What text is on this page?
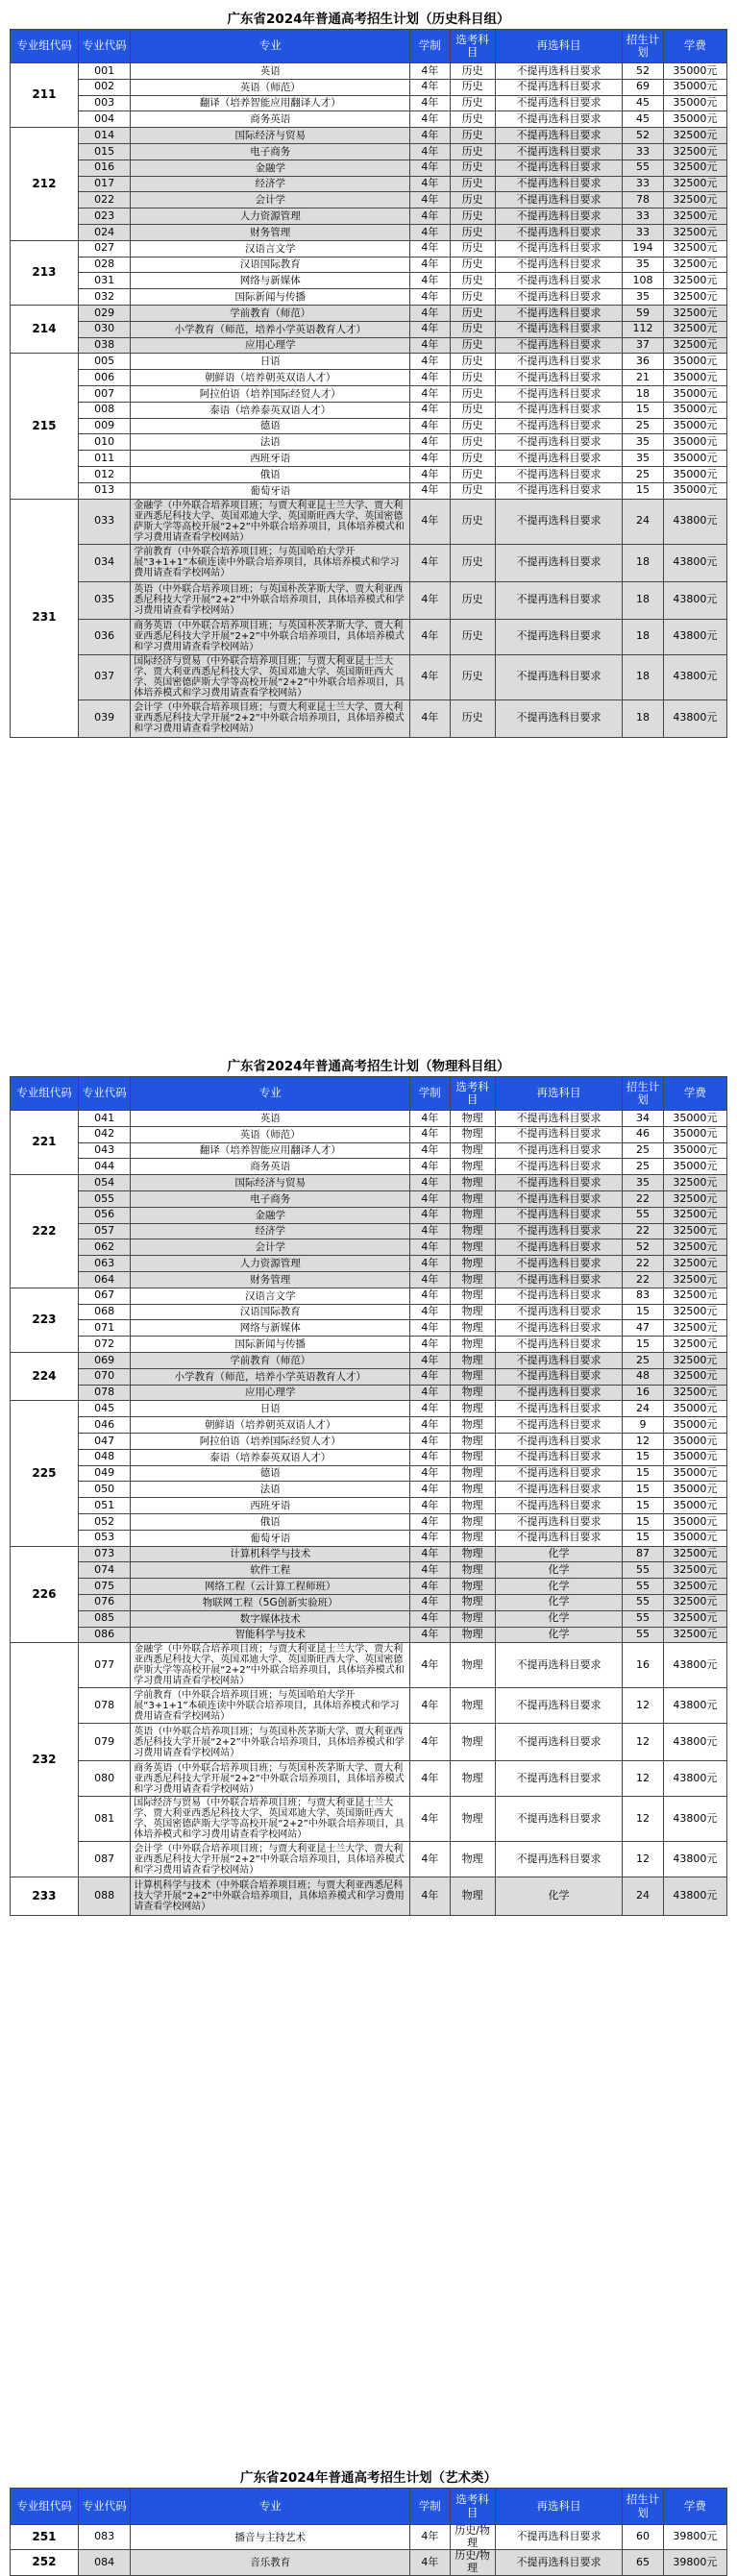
广东省2024年普通高考招生计划（历史科目组）
专业组代码	专业代码	专业	学制	选考科目	再选科目	招生计划	学费
211	001	英语	4年	历史	不提再选科目要求	52	35000元
	002	英语（师范）	4年	历史	不提再选科目要求	69	35000元
	003	翻译（培养智能应用翻译人才）	4年	历史	不提再选科目要求	45	35000元
	004	商务英语	4年	历史	不提再选科目要求	45	35000元
212	014	国际经济与贸易	4年	历史	不提再选科目要求	52	32500元
	015	电子商务	4年	历史	不提再选科目要求	33	32500元
	016	金融学	4年	历史	不提再选科目要求	55	32500元
	017	经济学	4年	历史	不提再选科目要求	33	32500元
	022	会计学	4年	历史	不提再选科目要求	78	32500元
	023	人力资源管理	4年	历史	不提再选科目要求	33	32500元
	024	财务管理	4年	历史	不提再选科目要求	33	32500元
213	027	汉语言文学	4年	历史	不提再选科目要求	194	32500元
	028	汉语国际教育	4年	历史	不提再选科目要求	35	32500元
	031	网络与新媒体	4年	历史	不提再选科目要求	108	32500元
	032	国际新闻与传播	4年	历史	不提再选科目要求	35	32500元
214	029	学前教育（师范）	4年	历史	不提再选科目要求	59	32500元
	030	小学教育（师范，培养小学英语教育人才）	4年	历史	不提再选科目要求	112	32500元
	038	应用心理学	4年	历史	不提再选科目要求	37	32500元
215	005	日语	4年	历史	不提再选科目要求	36	35000元
	006	朝鲜语（培养朝英双语人才）	4年	历史	不提再选科目要求	21	35000元
	007	阿拉伯语（培养国际经贸人才）	4年	历史	不提再选科目要求	18	35000元
	008	泰语（培养泰英双语人才）	4年	历史	不提再选科目要求	15	35000元
	009	德语	4年	历史	不提再选科目要求	25	35000元
	010	法语	4年	历史	不提再选科目要求	35	35000元
	011	西班牙语	4年	历史	不提再选科目要求	35	35000元
	012	俄语	4年	历史	不提再选科目要求	25	35000元
	013	葡萄牙语	4年	历史	不提再选科目要求	15	35000元
231	033	金融学（中外联合培养项目班；与贾大利亚昆士兰大学、贾大利亚西悉尼科技大学、英国邓迪大学、英国斯旺西大学、英国密德萨斯大学等高校开展“2+2”中外联合培养项目，具体培养模式和学习费用请查看学校网站）	4年	历史	不提再选科目要求	24	43800元
	034	学前教育（中外联合培养项目班；与英国哈珀大学开展“3+1+1”本硕连读中外联合培养项目，具体培养模式和学习费用请查看学校网站）	4年	历史	不提再选科目要求	18	43800元
	035	英语（中外联合培养项目班；与英国朴茨茅斯大学、贾大利亚西悉尼科技大学开展“2+2”中外联合培养项目，具体培养模式和学习费用请查看学校网站）	4年	历史	不提再选科目要求	18	43800元
	036	商务英语（中外联合培养项目班；与英国朴茨茅斯大学、贾大利亚西悉尼科技大学开展“2+2”中外联合培养项目，具体培养模式和学习费用请查看学校网站）	4年	历史	不提再选科目要求	18	43800元
	037	国际经济与贸易（中外联合培养项目班；与贾大利亚昆士兰大学、贾大利亚西悉尼科技大学、英国邓迪大学、英国斯旺西大学、英国密德萨斯大学等高校开展“2+2”中外联合培养项目，具体培养模式和学习费用请查看学校网站）	4年	历史	不提再选科目要求	18	43800元
	039	会计学（中外联合培养项目班；与贾大利亚昆士兰大学、贾大利亚西悉尼科技大学开展“2+2”中外联合培养项目，具体培养模式和学习费用请查看学校网站）	4年	历史	不提再选科目要求	18	43800元
广东省2024年普通高考招生计划（物理科目组）
专业组代码	专业代码	专业	学制	选考科目	再选科目	招生计划	学费
221	041	英语	4年	物理	不提再选科目要求	34	35000元
	042	英语（师范）	4年	物理	不提再选科目要求	46	35000元
	043	翻译（培养智能应用翻译人才）	4年	物理	不提再选科目要求	25	35000元
	044	商务英语	4年	物理	不提再选科目要求	25	35000元
222	054	国际经济与贸易	4年	物理	不提再选科目要求	35	32500元
	055	电子商务	4年	物理	不提再选科目要求	22	32500元
	056	金融学	4年	物理	不提再选科目要求	55	32500元
	057	经济学	4年	物理	不提再选科目要求	22	32500元
	062	会计学	4年	物理	不提再选科目要求	52	32500元
	063	人力资源管理	4年	物理	不提再选科目要求	22	32500元
	064	财务管理	4年	物理	不提再选科目要求	22	32500元
223	067	汉语言文学	4年	物理	不提再选科目要求	83	32500元
	068	汉语国际教育	4年	物理	不提再选科目要求	15	32500元
	071	网络与新媒体	4年	物理	不提再选科目要求	47	32500元
	072	国际新闻与传播	4年	物理	不提再选科目要求	15	32500元
224	069	学前教育（师范）	4年	物理	不提再选科目要求	25	32500元
	070	小学教育（师范，培养小学英语教育人才）	4年	物理	不提再选科目要求	48	32500元
	078	应用心理学	4年	物理	不提再选科目要求	16	32500元
225	045	日语	4年	物理	不提再选科目要求	24	35000元
	046	朝鲜语（培养朝英双语人才）	4年	物理	不提再选科目要求	9	35000元
	047	阿拉伯语（培养国际经贸人才）	4年	物理	不提再选科目要求	12	35000元
	048	泰语（培养泰英双语人才）	4年	物理	不提再选科目要求	15	35000元
	049	德语	4年	物理	不提再选科目要求	15	35000元
	050	法语	4年	物理	不提再选科目要求	15	35000元
	051	西班牙语	4年	物理	不提再选科目要求	15	35000元
	052	俄语	4年	物理	不提再选科目要求	15	35000元
	053	葡萄牙语	4年	物理	不提再选科目要求	15	35000元
226	073	计算机科学与技术	4年	物理	化学	87	32500元
	074	软件工程	4年	物理	化学	55	32500元
	075	网络工程（云计算工程师班）	4年	物理	化学	55	32500元
	076	物联网工程（5G创新实验班）	4年	物理	化学	55	32500元
	085	数字媒体技术	4年	物理	化学	55	32500元
	086	智能科学与技术	4年	物理	化学	55	32500元
232	077	金融学（中外联合培养项目班；与贾大利亚昆士兰大学、贾大利亚西悉尼科技大学、英国邓迪大学、英国斯旺西大学、英国密德萨斯大学等高校开展“2+2”中外联合培养项目，具体培养模式和学习费用请查看学校网站）	4年	物理	不提再选科目要求	16	43800元
	078	学前教育（中外联合培养项目班；与英国哈珀大学开展“3+1+1”本硕连读中外联合培养项目，具体培养模式和学习费用请查看学校网站）	4年	物理	不提再选科目要求	12	43800元
	079	英语（中外联合培养项目班；与英国朴茨茅斯大学、贾大利亚西悉尼科技大学开展“2+2”中外联合培养项目，具体培养模式和学习费用请查看学校网站）	4年	物理	不提再选科目要求	12	43800元
	080	商务英语（中外联合培养项目班；与英国朴茨茅斯大学、贾大利亚西悉尼科技大学开展“2+2”中外联合培养项目，具体培养模式和学习费用请查看学校网站）	4年	物理	不提再选科目要求	12	43800元
	081	国际经济与贸易（中外联合培养项目班；与贾大利亚昆士兰大学、贾大利亚西悉尼科技大学、英国邓迪大学、英国斯旺西大学、英国密德萨斯大学等高校开展“2+2”中外联合培养项目，具体培养模式和学习费用请查看学校网站）	4年	物理	不提再选科目要求	12	43800元
	087	会计学（中外联合培养项目班；与贾大利亚昆士兰大学、贾大利亚西悉尼科技大学开展“2+2”中外联合培养项目，具体培养模式和学习费用请查看学校网站）	4年	物理	不提再选科目要求	12	43800元
233	088	计算机科学与技术（中外联合培养项目班；与贾大利亚西悉尼科技大学开展“2+2”中外联合培养项目，具体培养模式和学习费用请查看学校网站）	4年	物理	化学	24	43800元
广东省2024年普通高考招生计划（艺术类）
专业组代码	专业代码	专业	学制	选考科目	再选科目	招生计划	学费
251	083	播音与主持艺术	4年	历史/物理	不提再选科目要求	60	39800元
252	084	音乐教育	4年	历史/物理	不提再选科目要求	65	39800元
